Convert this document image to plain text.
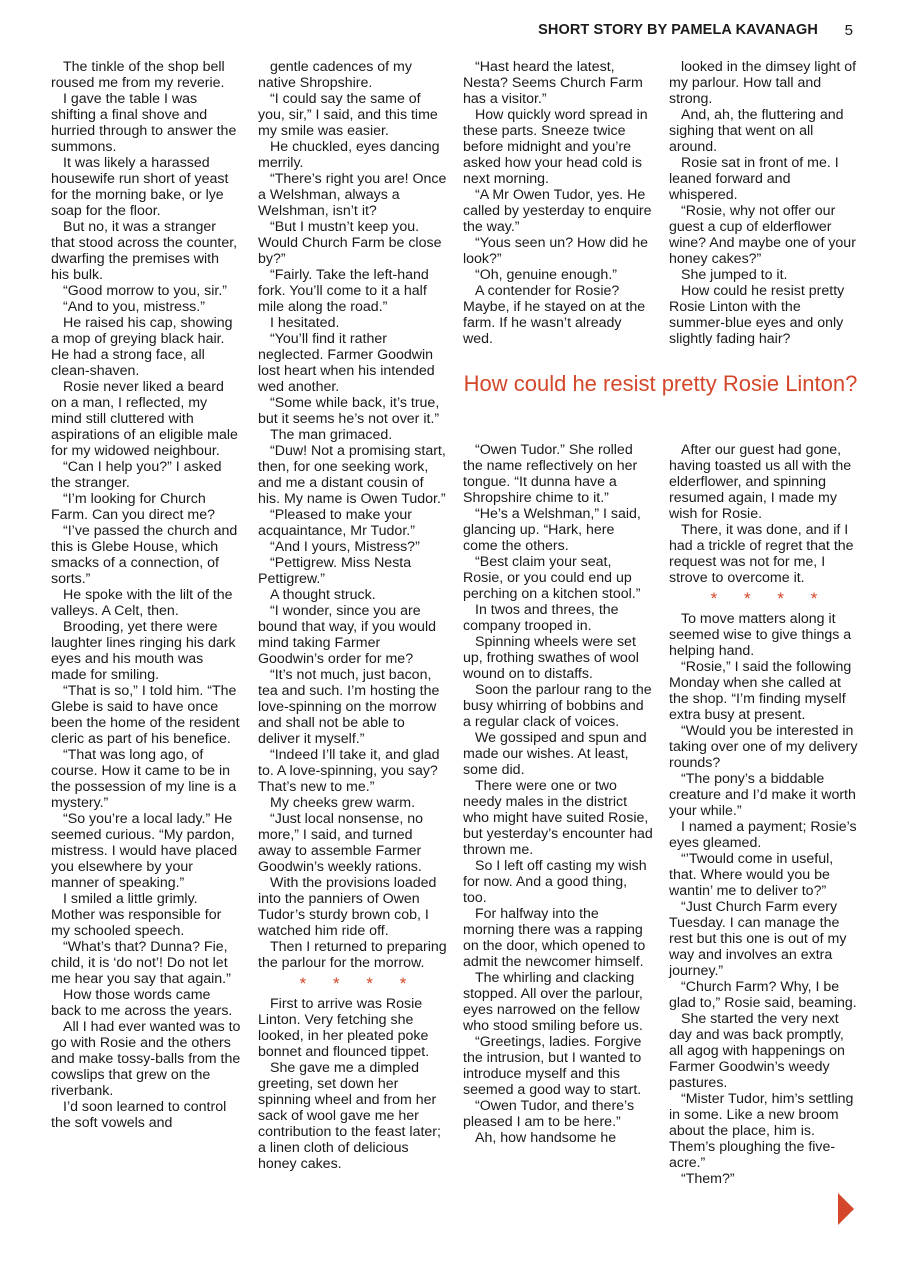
SHORT STORY BY PAMELA KAVANAGH 5

The tinkle of the shop bell roused me from my reverie.

I gave the table I was shifting a final shove and hurried through to answer the summons.

It was likely a harassed housewife run short of yeast for the morning bake, or lye soap for the floor.

But no, it was a stranger that stood across the counter, dwarfing the premises with his bulk.

“Good morrow to you, sir.”

“And to you, mistress.”

He raised his cap, showing a mop of greying black hair. He had a strong face, all clean-shaven.

Rosie never liked a beard on a man, I reflected, my mind still cluttered with aspirations of an eligible male for my widowed neighbour.

“Can I help you?” I asked the stranger.

“I’m looking for Church Farm. Can you direct me?

“I’ve passed the church and this is Glebe House, which smacks of a connection, of sorts.”

He spoke with the lilt of the valleys. A Celt, then.

Brooding, yet there were laughter lines ringing his dark eyes and his mouth was made for smiling.

“That is so,” I told him. “The Glebe is said to have once been the home of the resident cleric as part of his benefice.

“That was long ago, of course. How it came to be in the possession of my line is a mystery.”

“So you’re a local lady.” He seemed curious. “My pardon, mistress. I would have placed you elsewhere by your manner of speaking.”

I smiled a little grimly. Mother was responsible for my schooled speech.

“What’s that? Dunna? Fie, child, it is ‘do not’! Do not let me hear you say that again.”

How those words came back to me across the years.

All I had ever wanted was to go with Rosie and the others and make tossy-balls from the cowslips that grew on the riverbank.

I’d soon learned to control the soft vowels and

gentle cadences of my native Shropshire.

“I could say the same of you, sir,” I said, and this time my smile was easier.

He chuckled, eyes dancing merrily.

“There’s right you are! Once a Welshman, always a Welshman, isn’t it?

“But I mustn’t keep you. Would Church Farm be close by?”

“Fairly. Take the left-hand fork. You’ll come to it a half mile along the road.”

I hesitated.

“You’ll find it rather neglected. Farmer Goodwin lost heart when his intended wed another.

“Some while back, it’s true, but it seems he’s not over it.”

The man grimaced.

“Duw! Not a promising start, then, for one seeking work, and me a distant cousin of his. My name is Owen Tudor.”

“Pleased to make your acquaintance, Mr Tudor.”

“And I yours, Mistress?”

“Pettigrew. Miss Nesta Pettigrew.”

A thought struck.

“I wonder, since you are bound that way, if you would mind taking Farmer Goodwin’s order for me?

“It’s not much, just bacon, tea and such. I’m hosting the love-spinning on the morrow and shall not be able to deliver it myself.”

“Indeed I’ll take it, and glad to. A love-spinning, you say? That’s new to me.”

My cheeks grew warm.

“Just local nonsense, no more,” I said, and turned away to assemble Farmer Goodwin’s weekly rations.

With the provisions loaded into the panniers of Owen Tudor’s sturdy brown cob, I watched him ride off.

Then I returned to preparing the parlour for the morrow.

* * * *

First to arrive was Rosie Linton. Very fetching she looked, in her pleated poke bonnet and flounced tippet.

She gave me a dimpled greeting, set down her spinning wheel and from her sack of wool gave me her contribution to the feast later; a linen cloth of delicious honey cakes.

“Hast heard the latest, Nesta? Seems Church Farm has a visitor.”

How quickly word spread in these parts. Sneeze twice before midnight and you’re asked how your head cold is next morning.

“A Mr Owen Tudor, yes. He called by yesterday to enquire the way.”

“Yous seen un? How did he look?”

“Oh, genuine enough.”

A contender for Rosie? Maybe, if he stayed on at the farm. If he wasn’t already wed.

looked in the dimsey light of my parlour. How tall and strong.

And, ah, the fluttering and sighing that went on all around.

Rosie sat in front of me. I leaned forward and whispered.

“Rosie, why not offer our guest a cup of elderflower wine? And maybe one of your honey cakes?”

She jumped to it.

How could he resist pretty Rosie Linton with the summer-blue eyes and only slightly fading hair?

How could he resist pretty Rosie Linton?

“Owen Tudor.” She rolled the name reflectively on her tongue. “It dunna have a Shropshire chime to it.”

“He’s a Welshman,” I said, glancing up. “Hark, here come the others.

“Best claim your seat, Rosie, or you could end up perching on a kitchen stool.”

In twos and threes, the company trooped in.

Spinning wheels were set up, frothing swathes of wool wound on to distaffs.

Soon the parlour rang to the busy whirring of bobbins and a regular clack of voices.

We gossiped and spun and made our wishes. At least, some did.

There were one or two needy males in the district who might have suited Rosie, but yesterday’s encounter had thrown me.

So I left off casting my wish for now. And a good thing, too.

For halfway into the morning there was a rapping on the door, which opened to admit the newcomer himself.

The whirling and clacking stopped. All over the parlour, eyes narrowed on the fellow who stood smiling before us.

“Greetings, ladies. Forgive the intrusion, but I wanted to introduce myself and this seemed a good way to start.

“Owen Tudor, and there’s pleased I am to be here.”

Ah, how handsome he

After our guest had gone, having toasted us all with the elderflower, and spinning resumed again, I made my wish for Rosie.

There, it was done, and if I had a trickle of regret that the request was not for me, I strove to overcome it.

* * * *

To move matters along it seemed wise to give things a helping hand.

“Rosie,” I said the following Monday when she called at the shop. “I’m finding myself extra busy at present.

“Would you be interested in taking over one of my delivery rounds?

“The pony’s a biddable creature and I’d make it worth your while.”

I named a payment; Rosie’s eyes gleamed.

“’Twould come in useful, that. Where would you be wantin’ me to deliver to?”

“Just Church Farm every Tuesday. I can manage the rest but this one is out of my way and involves an extra journey.”

“Church Farm? Why, I be glad to,” Rosie said, beaming.

She started the very next day and was back promptly, all agog with happenings on Farmer Goodwin’s weedy pastures.

“Mister Tudor, him’s settling in some. Like a new broom about the place, him is. Them’s ploughing the five-acre.”

“Them?”
